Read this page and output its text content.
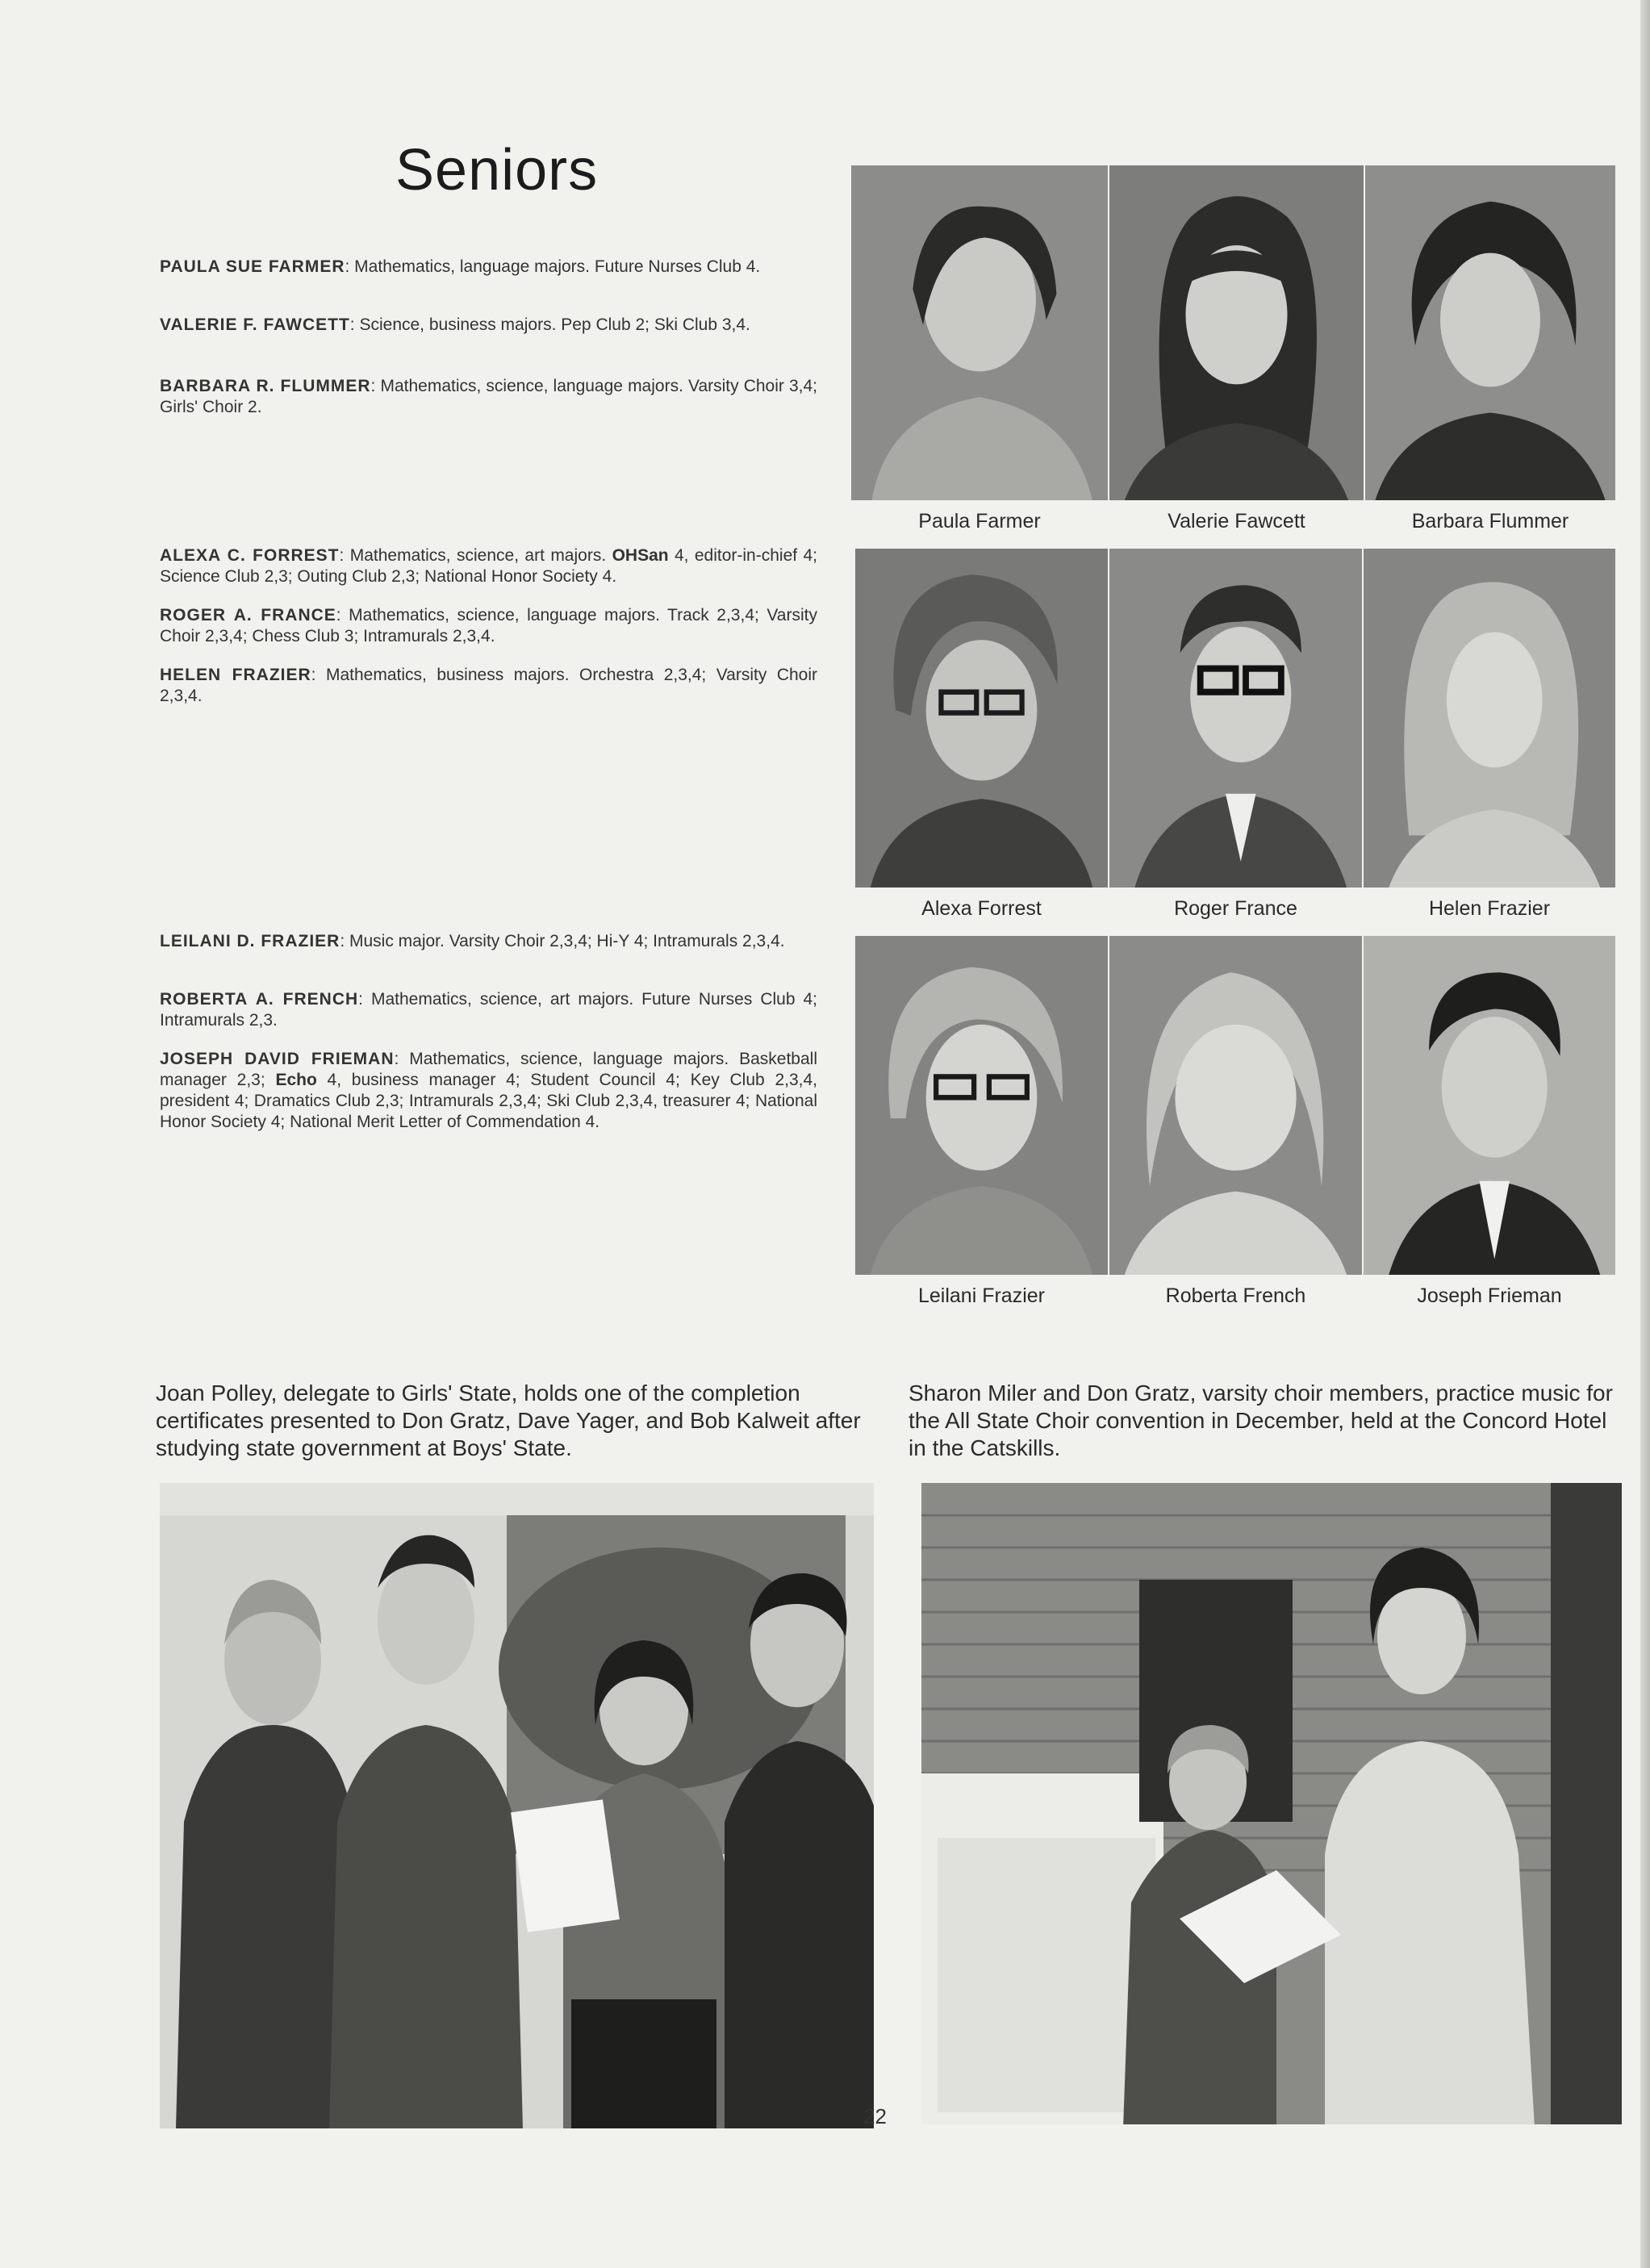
Seniors
PAULA SUE FARMER: Mathematics, language majors. Future Nurses Club 4.
VALERIE F. FAWCETT: Science, business majors. Pep Club 2; Ski Club 3,4.
BARBARA R. FLUMMER: Mathematics, science, language majors. Varsity Choir 3,4; Girls' Choir 2.
ALEXA C. FORREST: Mathematics, science, art majors. OHSan 4, editor-in-chief 4; Science Club 2,3; Outing Club 2,3; National Honor Society 4.
ROGER A. FRANCE: Mathematics, science, language majors. Track 2,3,4; Varsity Choir 2,3,4; Chess Club 3; Intramurals 2,3,4.
HELEN FRAZIER: Mathematics, business majors. Orchestra 2,3,4; Varsity Choir 2,3,4.
LEILANI D. FRAZIER: Music major. Varsity Choir 2,3,4; Hi-Y 4; Intramurals 2,3,4.
ROBERTA A. FRENCH: Mathematics, science, art majors. Future Nurses Club 4; Intramurals 2,3.
JOSEPH DAVID FRIEMAN: Mathematics, science, language majors. Basketball manager 2,3; Echo 4, business manager 4; Student Council 4; Key Club 2,3,4, president 4; Dramatics Club 2,3; Intramurals 2,3,4; Ski Club 2,3,4, treasurer 4; National Honor Society 4; National Merit Letter of Commendation 4.
Paula Farmer	Valerie Fawcett	Barbara Flummer
Alexa Forrest	Roger France	Helen Frazier
Leilani Frazier	Roberta French	Joseph Frieman
Joan Polley, delegate to Girls' State, holds one of the completion certificates presented to Don Gratz, Dave Yager, and Bob Kalweit after studying state government at Boys' State.
Sharon Miler and Don Gratz, varsity choir members, practice music for the All State Choir convention in December, held at the Concord Hotel in the Catskills.
22
